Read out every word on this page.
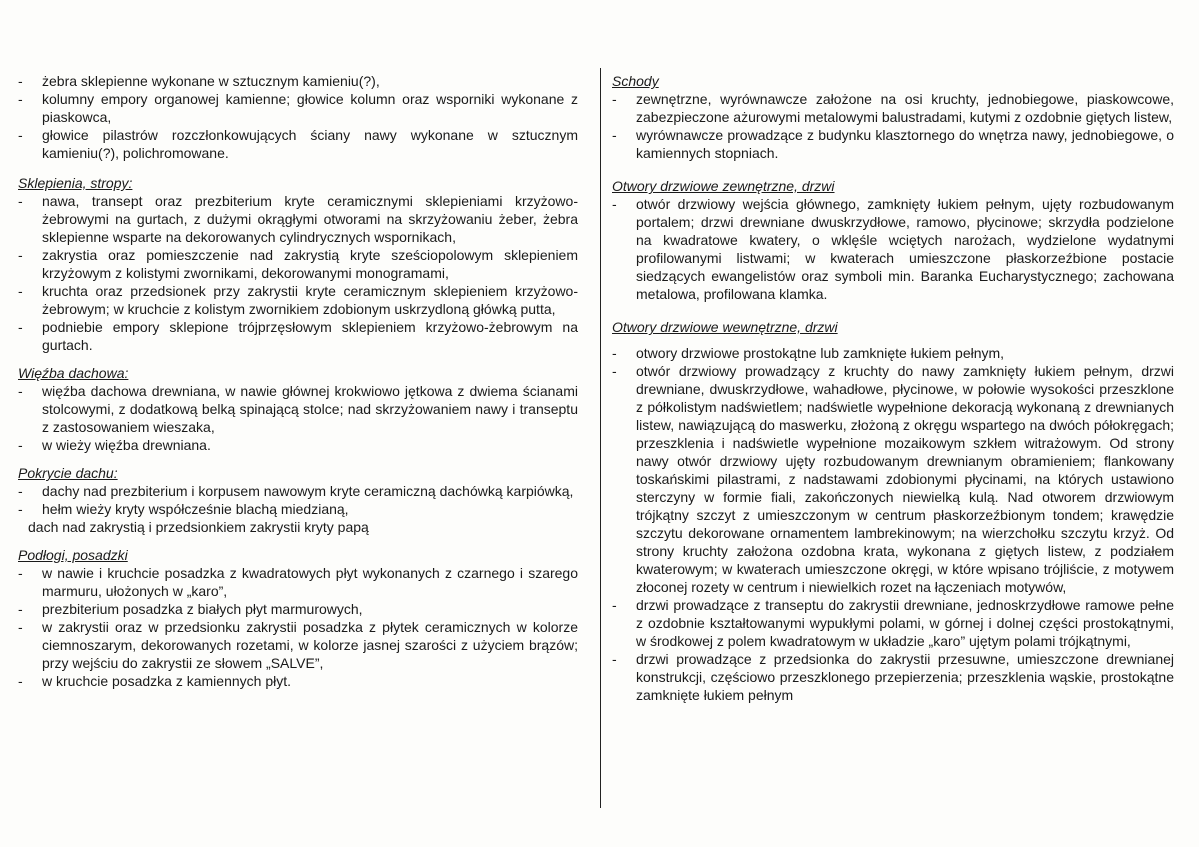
-	żebra sklepienne wykonane w sztucznym kamieniu(?),
-	kolumny empory organowej kamienne; głowice kolumn oraz wsporniki wykonane z piaskowca,
-	głowice pilastrów rozczłonkowujących ściany nawy wykonane w sztucznym kamieniu(?), polichromowane.

Sklepienia, stropy:

-	nawa, transept oraz prezbiterium kryte ceramicznymi sklepieniami krzyżowo-żebrowymi na gurtach, z dużymi okrągłymi otworami na skrzyżowaniu żeber, żebra sklepienne wsparte na dekorowanych cylindrycznych wspornikach,
-	zakrystia oraz pomieszczenie nad zakrystią kryte sześciopolowym sklepieniem krzyżowym z kolistymi zwornikami, dekorowanymi monogramami,
-	kruchta oraz przedsionek przy zakrystii kryte ceramicznym sklepieniem krzyżowo-żebrowym; w kruchcie z kolistym zwornikiem zdobionym uskrzydloną główką putta,
-	podniebie empory sklepione trójprzęsłowym sklepieniem krzyżowo-żebrowym na gurtach.

Więźba dachowa:

-	więźba dachowa drewniana, w nawie głównej krokwiowo jętkowa z dwiema ścianami stolcowymi, z dodatkową belką spinającą stolce; nad skrzyżowaniem nawy i transeptu z zastosowaniem wieszaka,
-	w wieży więźba drewniana.

Pokrycie dachu:

-	dachy nad prezbiterium i korpusem nawowym kryte ceramiczną dachówką karpiówką,
-	hełm wieży kryty współcześnie blachą miedzianą,

dach nad zakrystią i przedsionkiem zakrystii kryty papą

Podłogi, posadzki

-	w nawie i kruchcie posadzka z kwadratowych płyt wykonanych z czarnego i szarego marmuru, ułożonych w „karo”,
-	prezbiterium posadzka z białych płyt marmurowych,
-	w zakrystii oraz w przedsionku zakrystii posadzka z płytek ceramicznych w kolorze ciemnoszarym, dekorowanych rozetami, w kolorze jasnej szarości z użyciem brązów; przy wejściu do zakrystii ze słowem „SALVE”,
-	w kruchcie posadzka z kamiennych płyt.

Schody

-	zewnętrzne, wyrównawcze założone na osi kruchty, jednobiegowe, piaskowcowe, zabezpieczone ażurowymi metalowymi balustradami, kutymi z ozdobnie giętych listew,
-	wyrównawcze prowadzące z budynku klasztornego do wnętrza nawy, jednobiegowe, o kamiennych stopniach.

Otwory drzwiowe zewnętrzne, drzwi

-	otwór drzwiowy wejścia głównego, zamknięty łukiem pełnym, ujęty rozbudowanym portalem; drzwi drewniane dwuskrzydłowe, ramowo, płycinowe; skrzydła podzielone na kwadratowe kwatery, o wklęśle wciętych narożach, wydzielone wydatnymi profilowanymi listwami; w kwaterach umieszczone płaskorzeźbione postacie siedzących ewangelistów oraz symboli min. Baranka Eucharystycznego; zachowana metalowa, profilowana klamka.

Otwory drzwiowe wewnętrzne, drzwi

-	otwory drzwiowe prostokątne lub zamknięte łukiem pełnym,
-	otwór drzwiowy prowadzący z kruchty do nawy zamknięty łukiem pełnym, drzwi drewniane, dwuskrzydłowe, wahadłowe, płycinowe, w połowie wysokości przeszklone z półkolistym nadświetlem; nadświetle wypełnione dekoracją wykonaną z drewnianych listew, nawiązującą do maswerku, złożoną z okręgu wspartego na dwóch półokręgach; przeszklenia i nadświetle wypełnione mozaikowym szkłem witrażowym. Od strony nawy otwór drzwiowy ujęty rozbudowanym drewnianym obramieniem; flankowany toskańskimi pilastrami, z nadstawami zdobionymi płycinami, na których ustawiono sterczyny w formie fiali, zakończonych niewielką kulą. Nad otworem drzwiowym trójkątny szczyt z umieszczonym w centrum płaskorzeźbionym tondem; krawędzie szczytu dekorowane ornamentem lambrekinowym; na wierzchołku szczytu krzyż. Od strony kruchty założona ozdobna krata, wykonana z giętych listew, z podziałem kwaterowym; w kwaterach umieszczone okręgi, w które wpisano trójliście, z motywem złoconej rozety w centrum i niewielkich rozet na łączeniach motywów,
-	drzwi prowadzące z transeptu do zakrystii drewniane, jednoskrzydłowe ramowe pełne z ozdobnie kształtowanymi wypukłymi polami, w górnej i dolnej części prostokątnymi, w środkowej z polem kwadratowym w układzie „karo” ujętym polami trójkątnymi,
-	drzwi prowadzące z przedsionka do zakrystii przesuwne, umieszczone drewnianej konstrukcji, częściowo przeszklonego przepierzenia; przeszklenia wąskie, prostokątne zamknięte łukiem pełnym
